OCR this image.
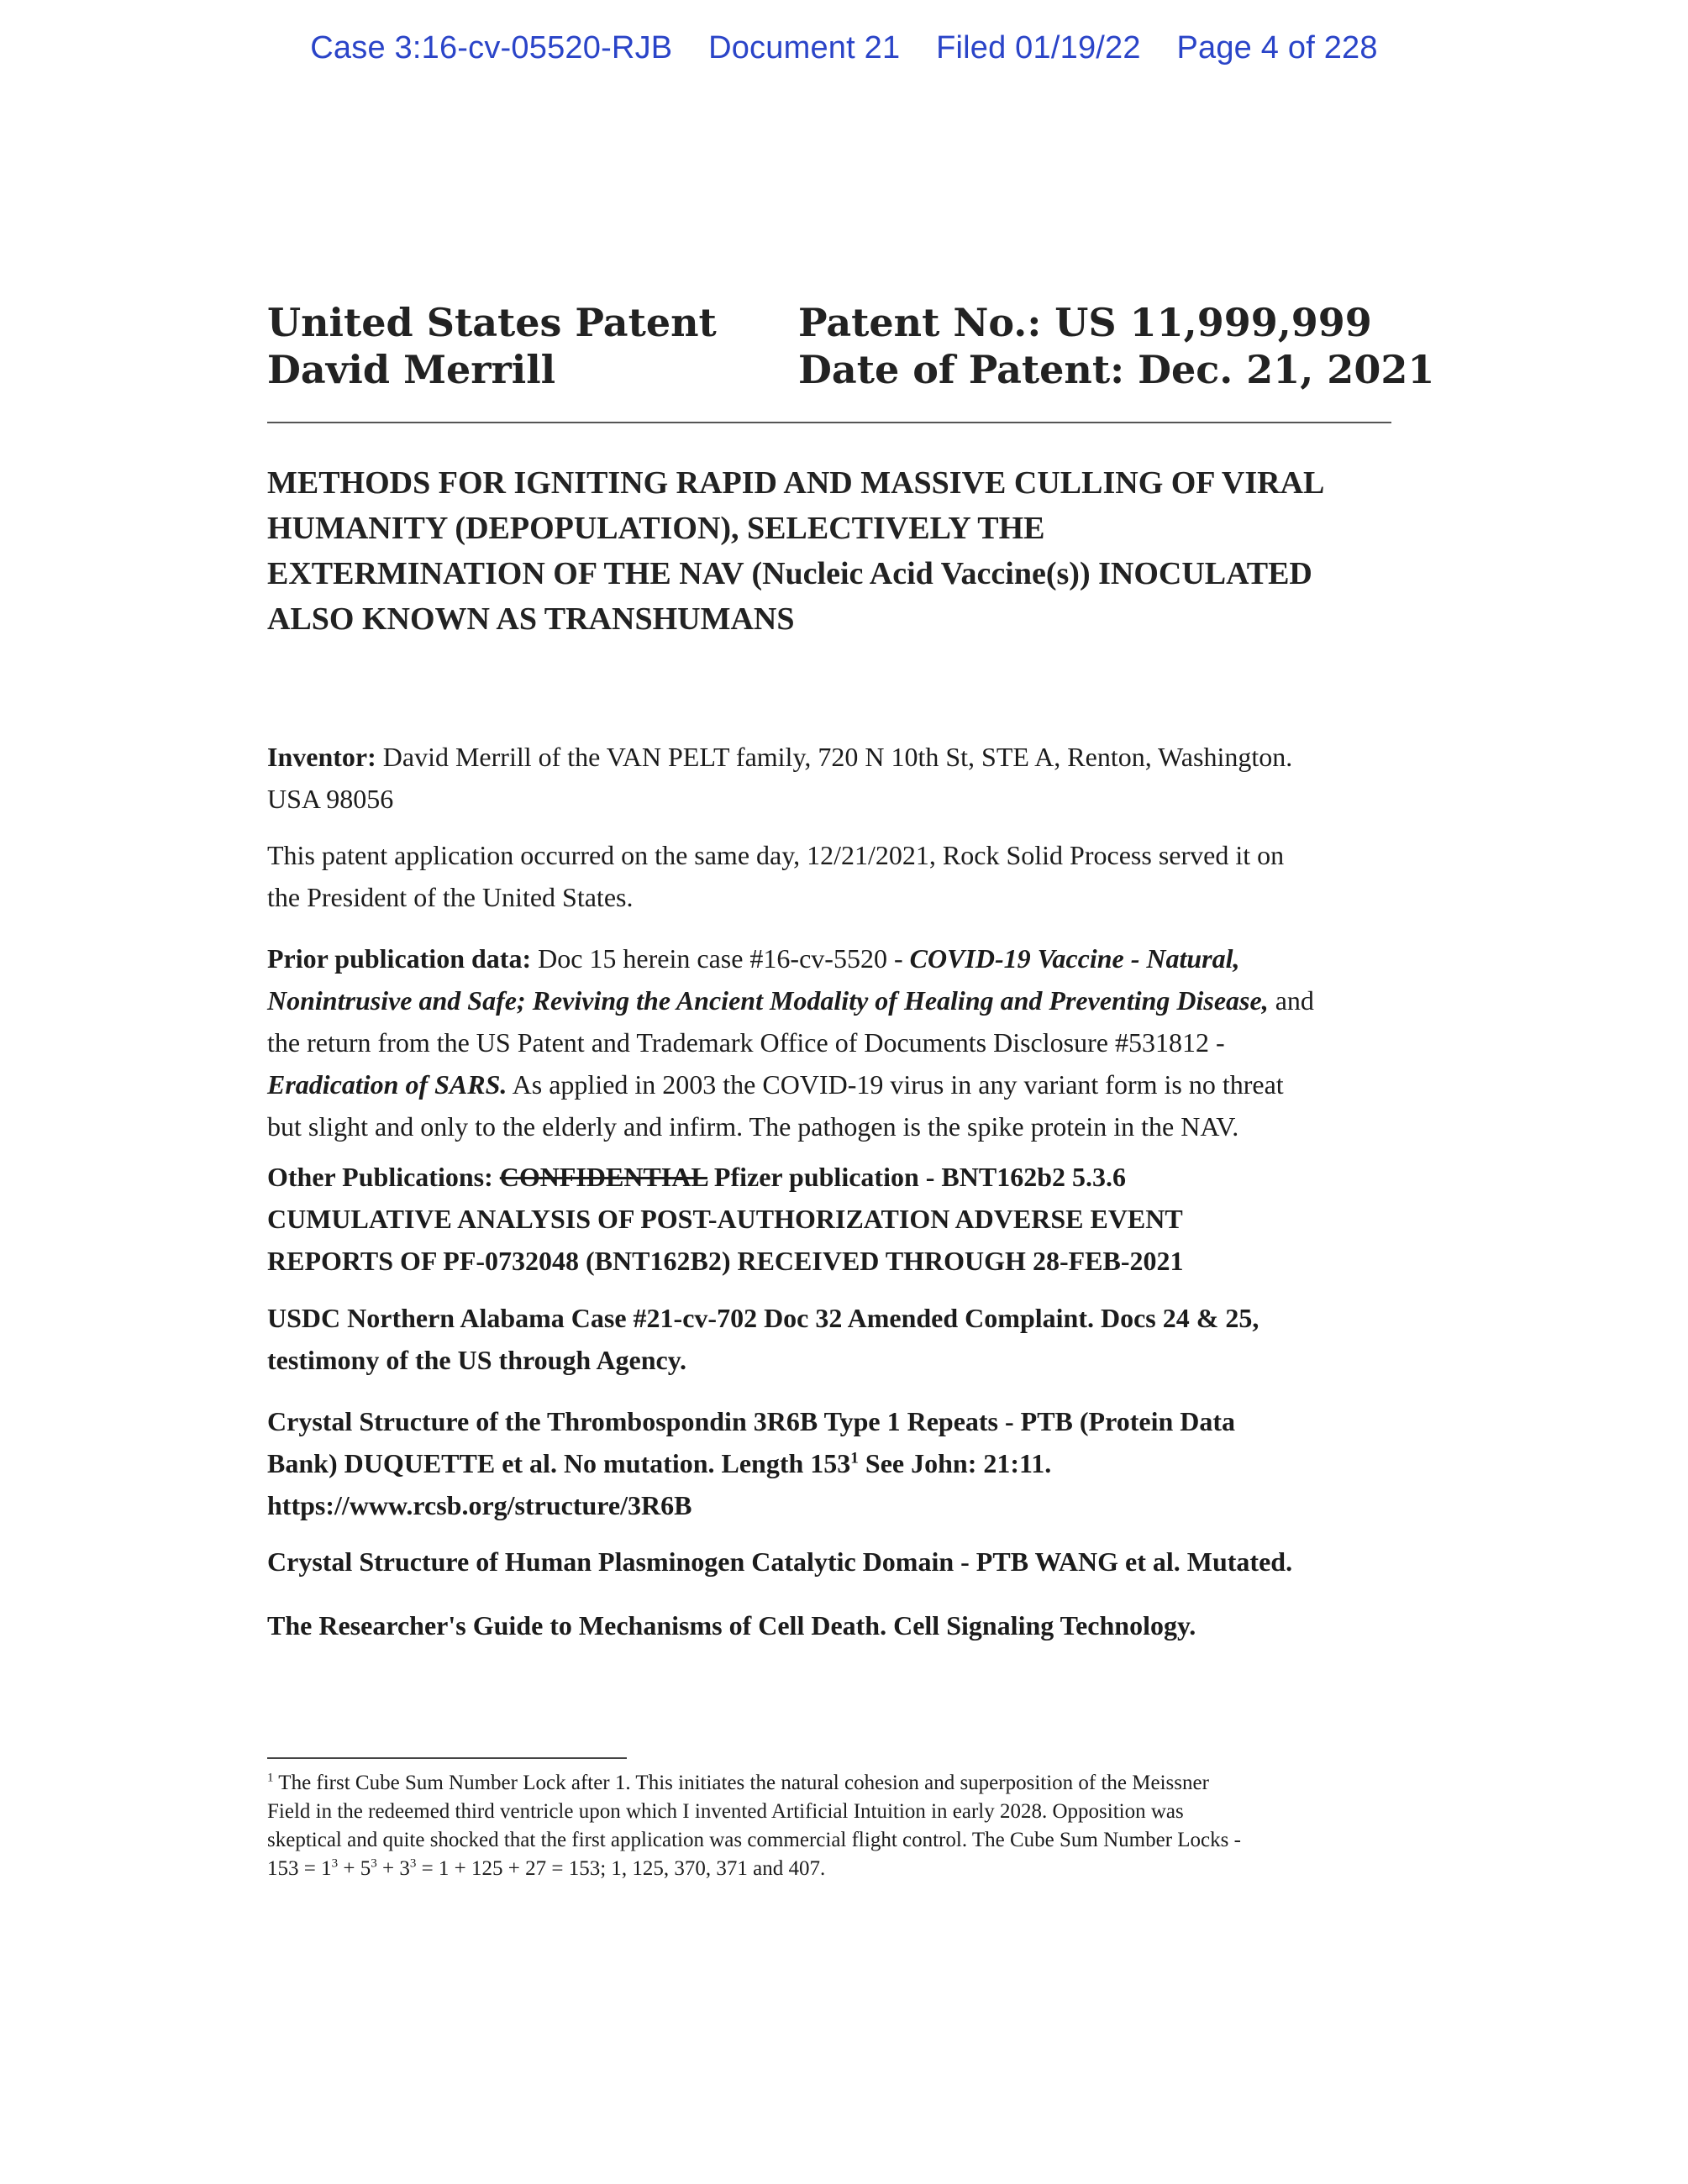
Case 3:16-cv-05520-RJB Document 21 Filed 01/19/22 Page 4 of 228
United States Patent
David Merrill
Patent No.: US 11,999,999
Date of Patent: Dec. 21, 2021
METHODS FOR IGNITING RAPID AND MASSIVE CULLING OF VIRAL
HUMANITY (DEPOPULATION), SELECTIVELY THE
EXTERMINATION OF THE NAV (Nucleic Acid Vaccine(s)) INOCULATED
ALSO KNOWN AS TRANSHUMANS
Inventor: David Merrill of the VAN PELT family, 720 N 10th St, STE A, Renton, Washington.
USA 98056
This patent application occurred on the same day, 12/21/2021, Rock Solid Process served it on
the President of the United States.
Prior publication data: Doc 15 herein case #16-cv-5520 - COVID-19 Vaccine - Natural,
Nonintrusive and Safe; Reviving the Ancient Modality of Healing and Preventing Disease, and
the return from the US Patent and Trademark Office of Documents Disclosure #531812 -
Eradication of SARS. As applied in 2003 the COVID-19 virus in any variant form is no threat
but slight and only to the elderly and infirm. The pathogen is the spike protein in the NAV.
Other Publications: CONFIDENTIAL Pfizer publication - BNT162b2 5.3.6
CUMULATIVE ANALYSIS OF POST-AUTHORIZATION ADVERSE EVENT
REPORTS OF PF-0732048 (BNT162B2) RECEIVED THROUGH 28-FEB-2021
USDC Northern Alabama Case #21-cv-702 Doc 32 Amended Complaint. Docs 24 & 25,
testimony of the US through Agency.
Crystal Structure of the Thrombospondin 3R6B Type 1 Repeats - PTB (Protein Data
Bank) DUQUETTE et al. No mutation. Length $153^1$ See John: 21:11.
https://www.rcsb.org/structure/3R6B
Crystal Structure of Human Plasminogen Catalytic Domain - PTB WANG et al. Mutated.
The Researcher's Guide to Mechanisms of Cell Death. Cell Signaling Technology.
$^1$ The first Cube Sum Number Lock after 1. This initiates the natural cohesion and superposition of the Meissner
Field in the redeemed third ventricle upon which I invented Artificial Intuition in early 2028. Opposition was
skeptical and quite shocked that the first application was commercial flight control. The Cube Sum Number Locks -
$153 = 1^3 + 5^3 + 3^3 = 1 + 125 + 27 = 153$; 1, 125, 370, 371 and 407.
